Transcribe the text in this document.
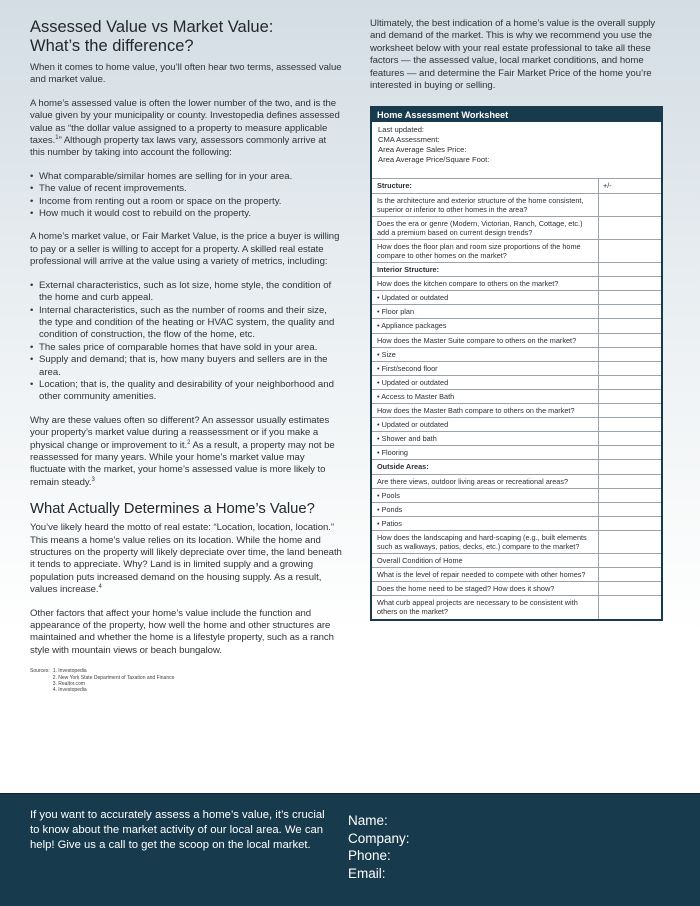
Assessed Value vs Market Value:
What’s the difference?

When it comes to home value, you’ll often hear two terms, assessed value and market value.

A home’s assessed value is often the lower number of the two, and is the value given by your municipality or county. Investopedia defines assessed value as “the dollar value assigned to a property to measure applicable taxes.$^1$” Although property tax laws vary, assessors commonly arrive at this number by taking into account the following:

• What comparable/similar homes are selling for in your area.
• The value of recent improvements.
• Income from renting out a room or space on the property.
• How much it would cost to rebuild on the property.

A home’s market value, or Fair Market Value, is the price a buyer is willing to pay or a seller is willing to accept for a property. A skilled real estate professional will arrive at the value using a variety of metrics, including:

• External characteristics, such as lot size, home style, the condition of the home and curb appeal.
• Internal characteristics, such as the number of rooms and their size, the type and condition of the heating or HVAC system, the quality and condition of construction, the flow of the home, etc.
• The sales price of comparable homes that have sold in your area.
• Supply and demand; that is, how many buyers and sellers are in the area.
• Location; that is, the quality and desirability of your neighborhood and other community amenities.

Why are these values often so different? An assessor usually estimates your property’s market value during a reassessment or if you make a physical change or improvement to it.$^2$ As a result, a property may not be reassessed for many years. While your home’s market value may fluctuate with the market, your home’s assessed value is more likely to remain steady.$^3$

What Actually Determines a Home’s Value?

You’ve likely heard the motto of real estate: “Location, location, location.” This means a home’s value relies on its location. While the home and structures on the property will likely depreciate over time, the land beneath it tends to appreciate. Why? Land is in limited supply and a growing population puts increased demand on the housing supply. As a result, values increase.$^4$

Other factors that affect your home’s value include the function and appearance of the property, how well the home and other structures are maintained and whether the home is a lifestyle property, such as a ranch style with mountain views or beach bungalow.

Sources: 1. Investopedia
2. New York State Department of Taxation and Finance
3. Realtor.com
4. Investopedia

Ultimately, the best indication of a home’s value is the overall supply and demand of the market. This is why we recommend you use the worksheet below with your real estate professional to take all these factors — the assessed value, local market conditions, and home features — and determine the Fair Market Price of the home you’re interested in buying or selling.

Home Assessment Worksheet
Last updated:
CMA Assessment:
Area Average Sales Price:
Area Average Price/Square Foot:
Structure:	+/-
Is the architecture and exterior structure of the home consistent, superior or inferior to other homes in the area?
Does the era or genre (Modern, Victorian, Ranch, Cottage, etc.) add a premium based on current design trends?
How does the floor plan and room size proportions of the home compare to other homes on the market?
Interior Structure:
How does the kitchen compare to others on the market?
• Updated or outdated
• Floor plan
• Appliance packages
How does the Master Suite compare to others on the market?
• Size
• First/second floor
• Updated or outdated
• Access to Master Bath
How does the Master Bath compare to others on the market?
• Updated or outdated
• Shower and bath
• Flooring
Outside Areas:
Are there views, outdoor living areas or recreational areas?
• Pools
• Ponds
• Patios
How does the landscaping and hard-scaping (e.g., built elements such as walkways, patios, decks, etc.) compare to the market?
Overall Condition of Home
What is the level of repair needed to compete with other homes?
Does the home need to be staged? How does it show?
What curb appeal projects are necessary to be consistent with others on the market?
If you want to accurately assess a home’s value, it’s crucial to know about the market activity of our local area. We can help! Give us a call to get the scoop on the local market.
Name:
Company:
Phone:
Email:
